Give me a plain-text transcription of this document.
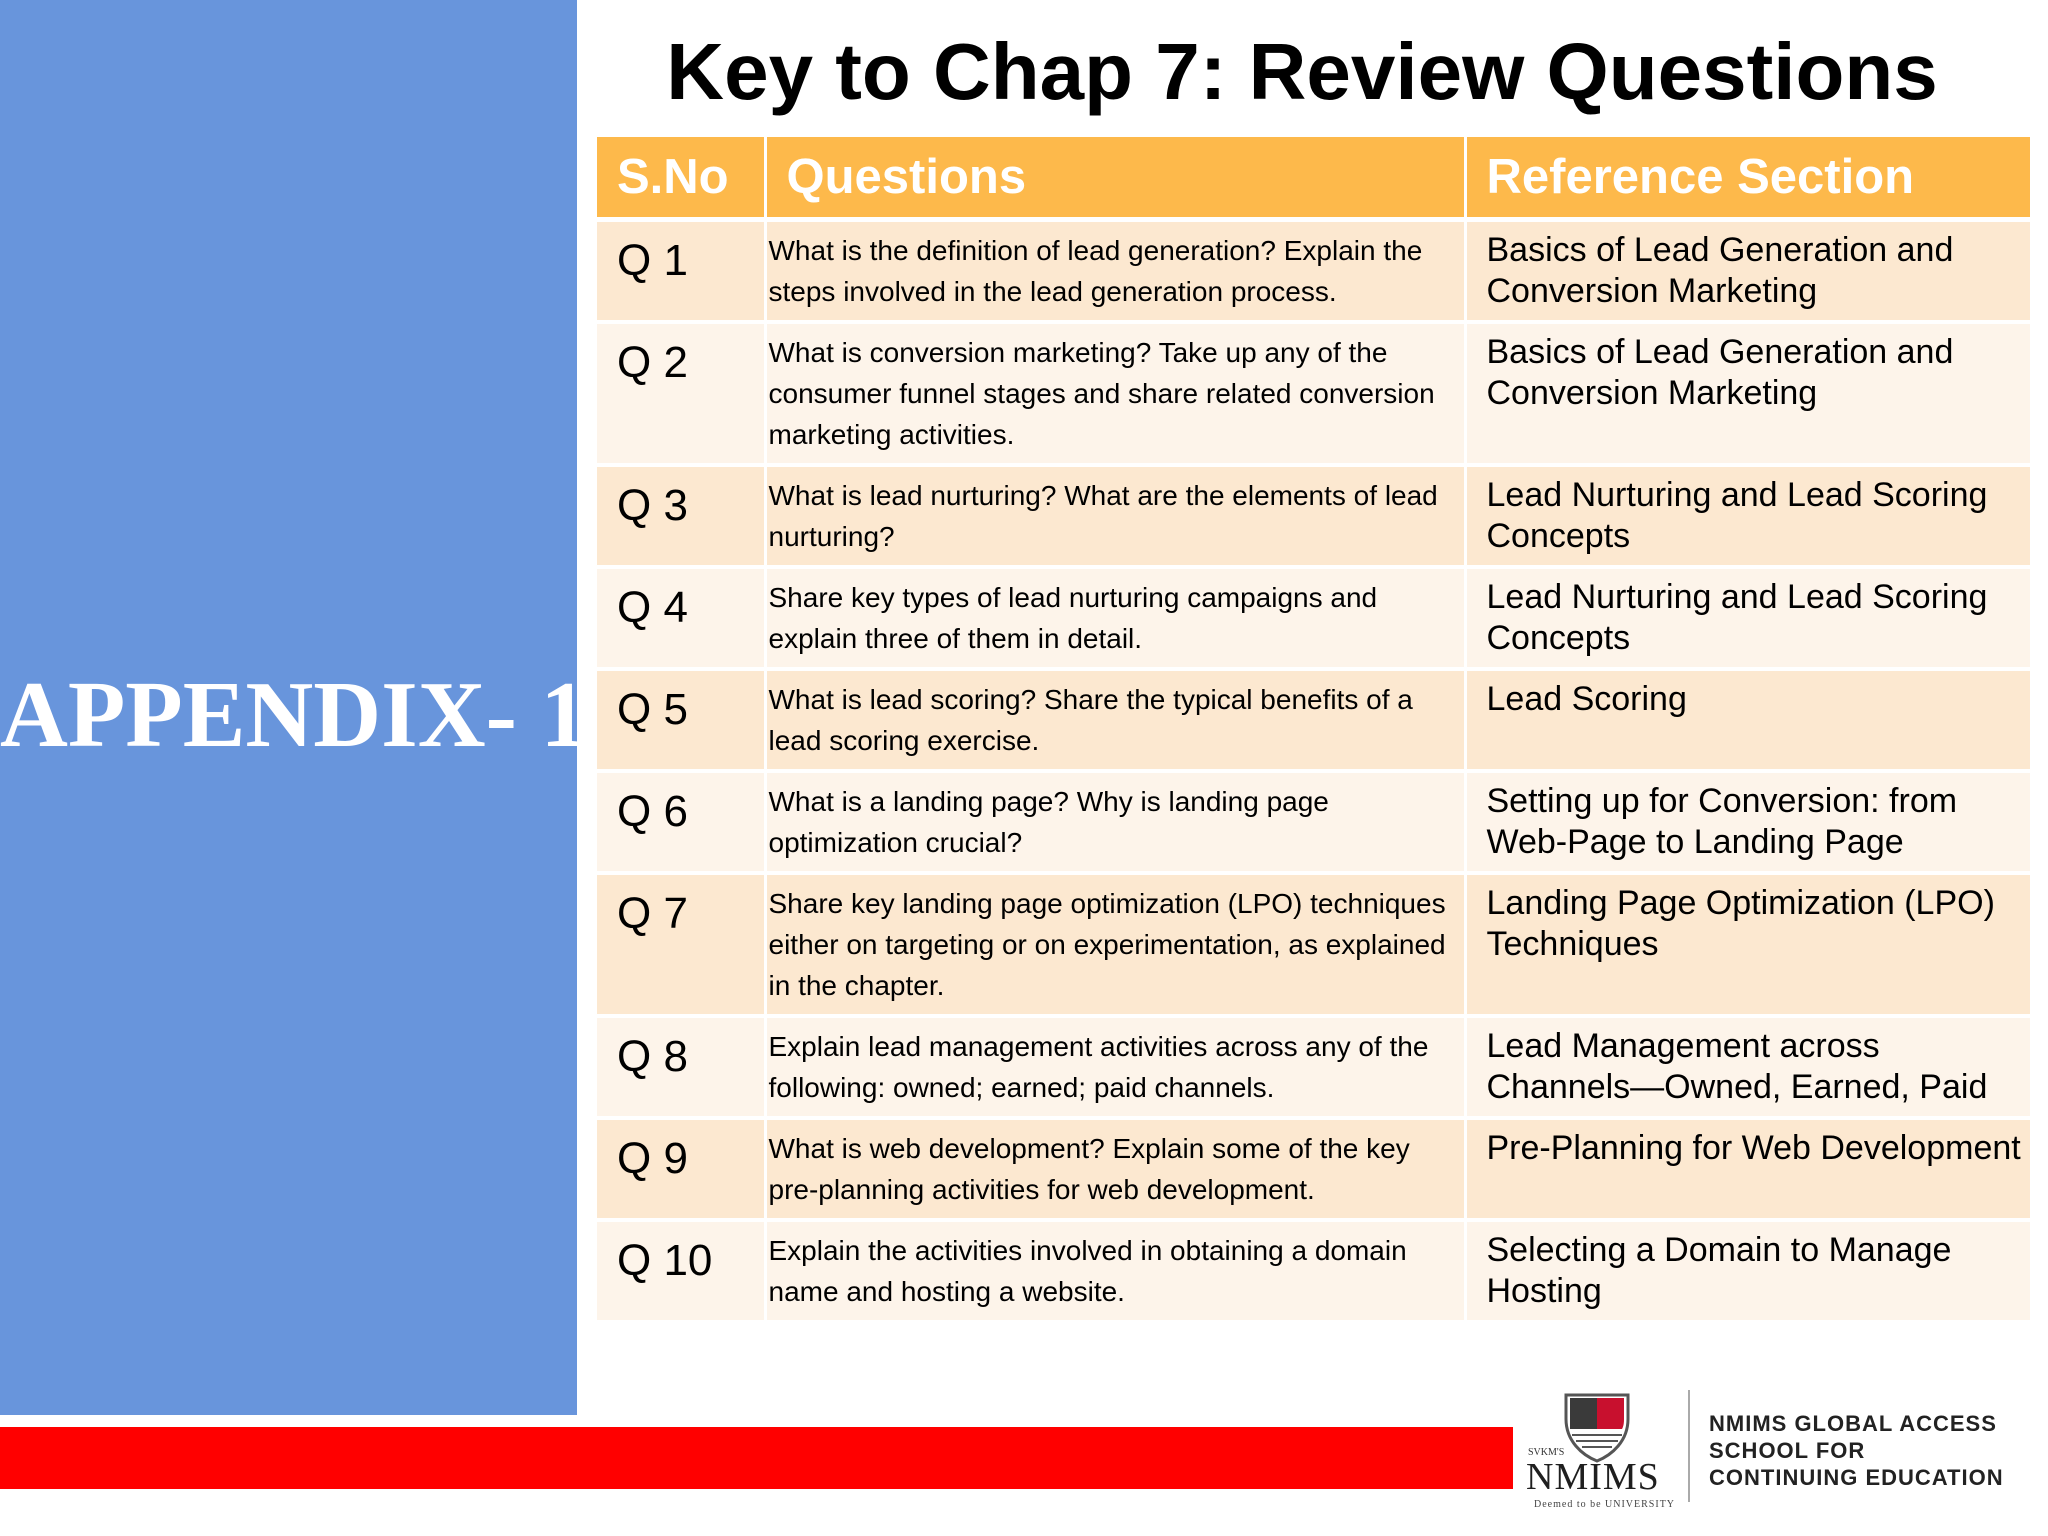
APPENDIX- 1
Key to Chap 7: Review Questions
S.No	Questions	Reference Section
Q 1	What is the definition of lead generation? Explain the steps involved in the lead generation process.	Basics of Lead Generation and Conversion Marketing
Q 2	What is conversion marketing? Take up any of the consumer funnel stages and share related conversion marketing activities.	Basics of Lead Generation and Conversion Marketing
Q 3	What is lead nurturing? What are the elements of lead nurturing?	Lead Nurturing and Lead Scoring Concepts
Q 4	Share key types of lead nurturing campaigns and explain three of them in detail.	Lead Nurturing and Lead Scoring Concepts
Q 5	What is lead scoring? Share the typical benefits of a lead scoring exercise.	Lead Scoring
Q 6	What is a landing page? Why is landing page optimization crucial?	Setting up for Conversion: from Web-Page to Landing Page
Q 7	Share key landing page optimization (LPO) techniques either on targeting or on experimentation, as explained in the chapter.	Landing Page Optimization (LPO) Techniques
Q 8	Explain lead management activities across any of the following: owned; earned; paid channels.	Lead Management across Channels—Owned, Earned, Paid
Q 9	What is web development? Explain some of the key pre-planning activities for web development.	Pre-Planning for Web Development
Q 10	Explain the activities involved in obtaining a domain name and hosting a website.	Selecting a Domain to Manage Hosting
SVKM'S
NMIMS
Deemed to be UNIVERSITY
NMIMS GLOBAL ACCESS
SCHOOL FOR
CONTINUING EDUCATION
